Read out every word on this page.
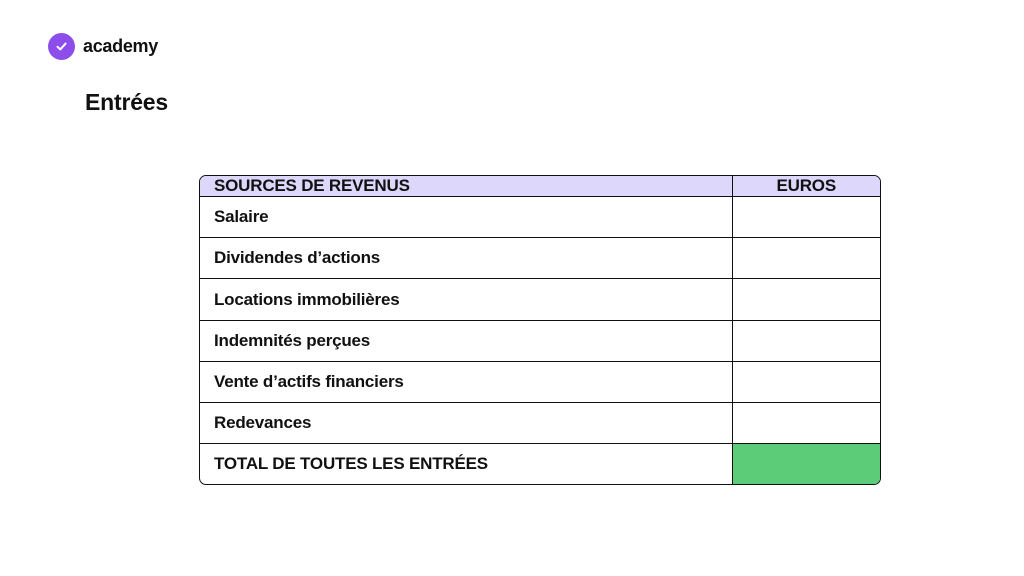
academy
Entrées
SOURCES DE REVENUS	EUROS
Salaire	
Dividendes d’actions	
Locations immobilières	
Indemnités perçues	
Vente d’actifs financiers	
Redevances	
TOTAL DE TOUTES LES ENTRÉES	
